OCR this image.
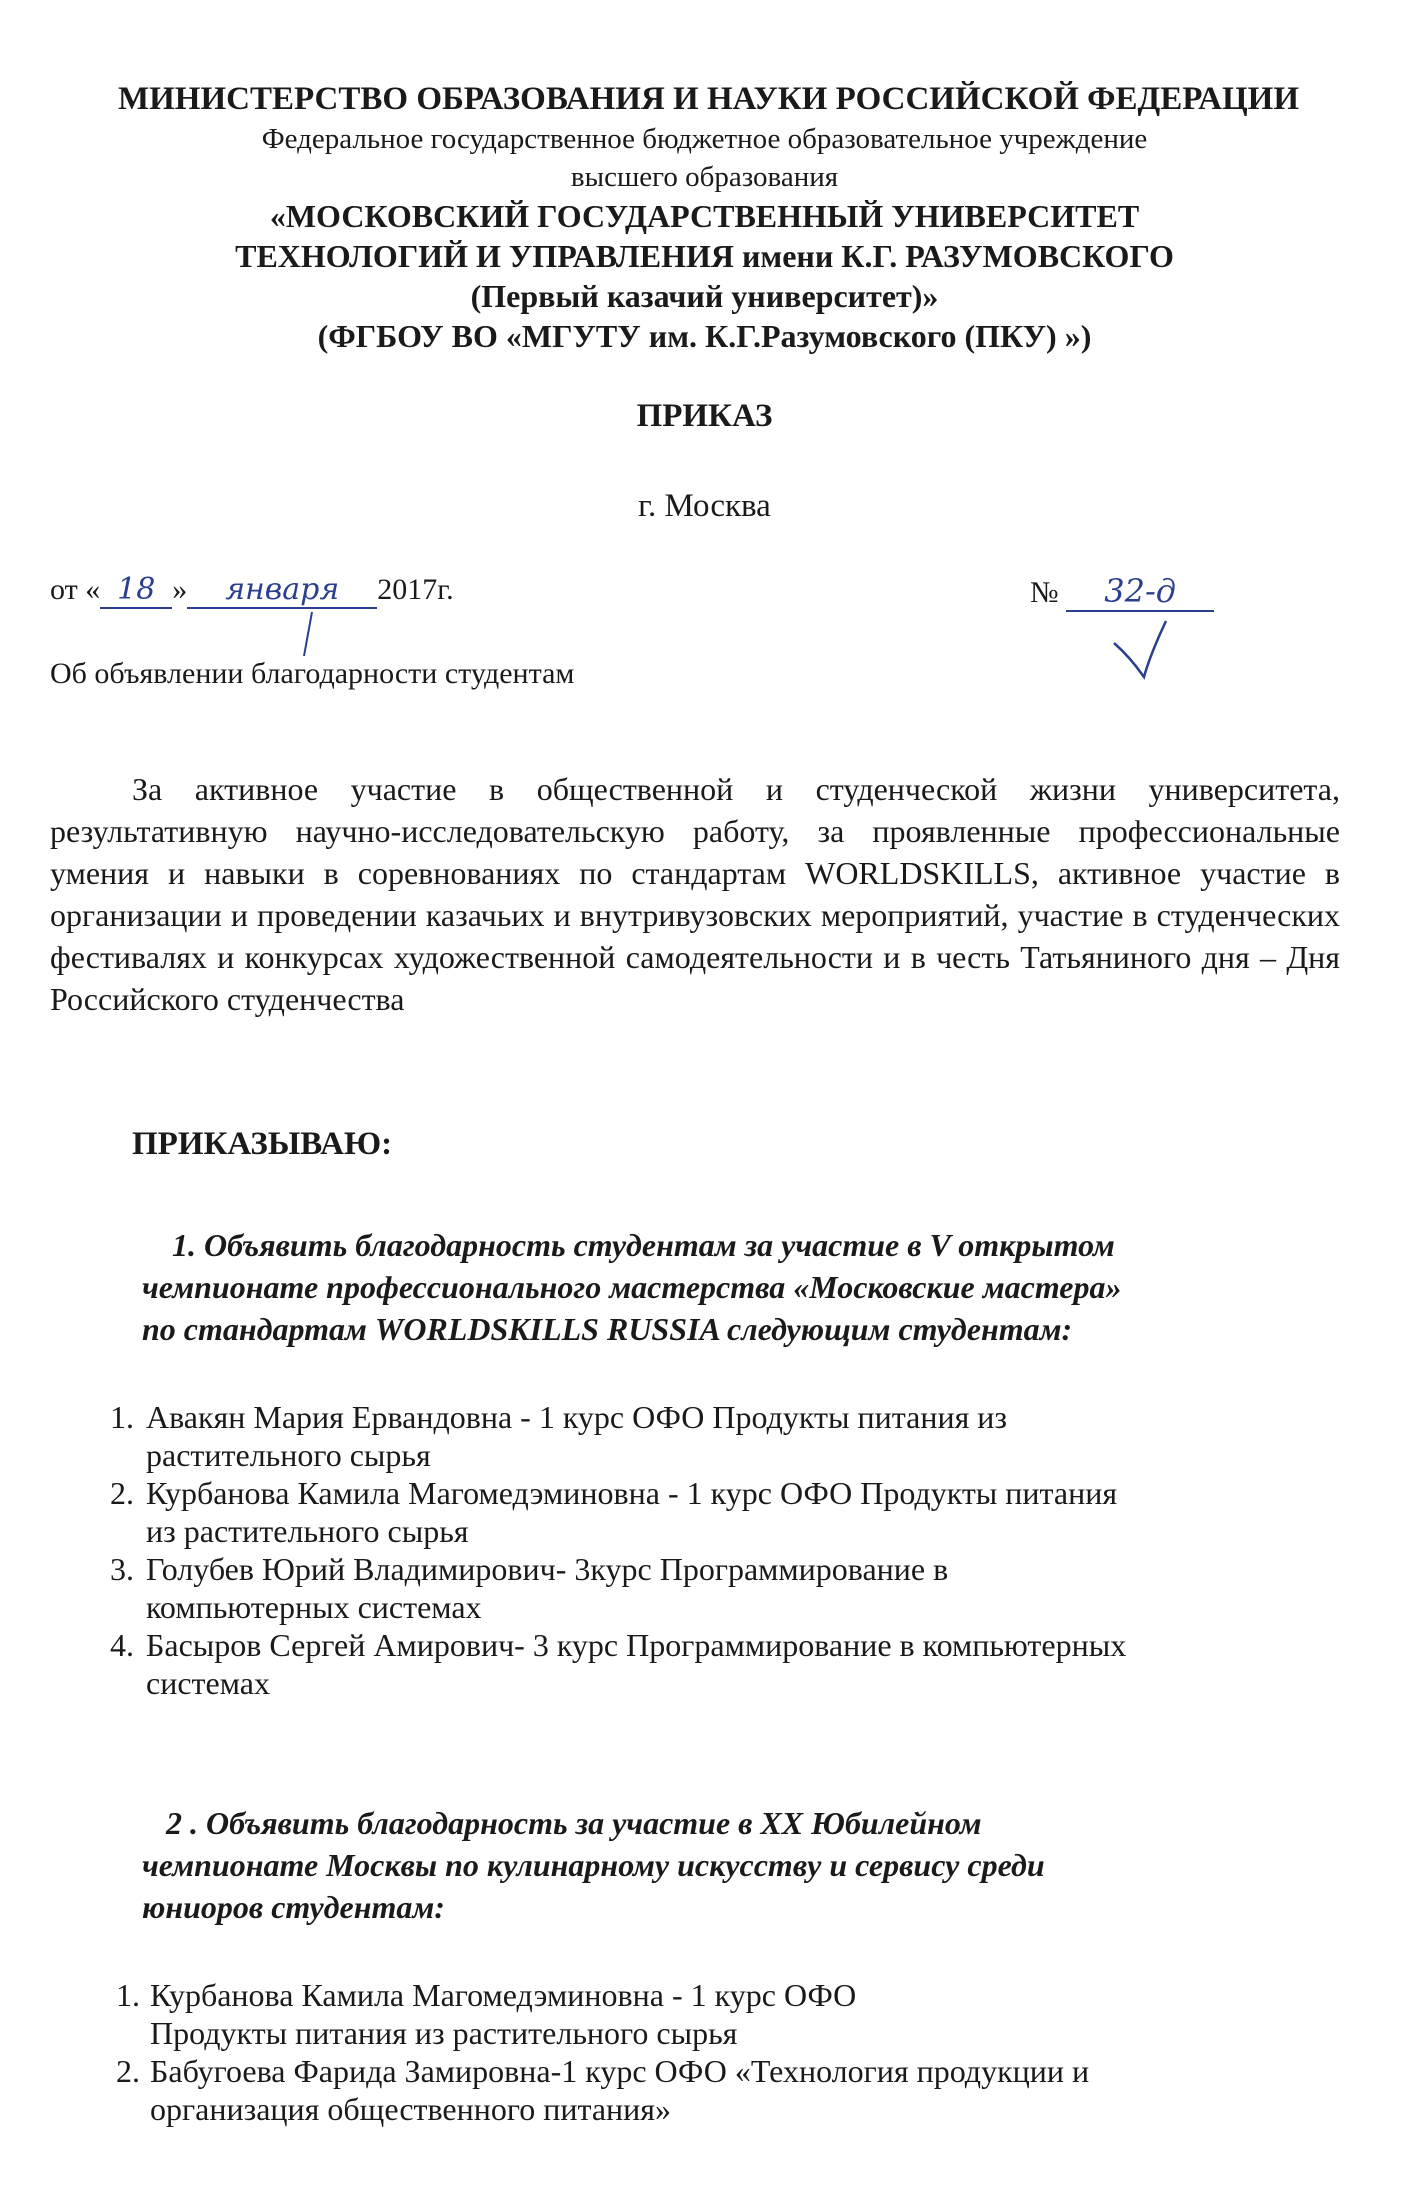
МИНИСТЕРСТВО ОБРАЗОВАНИЯ И НАУКИ РОССИЙСКОЙ ФЕДЕРАЦИИ
Федеральное государственное бюджетное образовательное учреждение
высшего образования
«МОСКОВСКИЙ ГОСУДАРСТВЕННЫЙ УНИВЕРСИТЕТ
ТЕХНОЛОГИЙ И УПРАВЛЕНИЯ имени К.Г. РАЗУМОВСКОГО
(Первый казачий университет)»
(ФГБОУ ВО «МГУТУ им. К.Г.Разумовского (ПКУ) »)
ПРИКАЗ
г. Москва
от « 18 » января 2017г.	№ 32-д
Об объявлении благодарности студентам
За активное участие в общественной и студенческой жизни университета, результативную научно-исследовательскую работу, за проявленные профессиональные умения и навыки в соревнованиях по стандартам WORLDSKILLS, активное участие в организации и проведении казачьих и внутривузовских мероприятий, участие в студенческих фестивалях и конкурсах художественной самодеятельности и в честь Татьяниного дня – Дня Российского студенчества
ПРИКАЗЫВАЮ:
1. Объявить благодарность студентам за участие в V открытом
чемпионате профессионального мастерства «Московские мастера»
по стандартам WORLDSKILLS RUSSIA следующим студентам:
1. Авакян Мария Ервандовна - 1 курс ОФО Продукты питания из
растительного сырья
2. Курбанова Камила Магомедэминовна - 1 курс ОФО Продукты питания
из растительного сырья
3. Голубев Юрий Владимирович- 3курс Программирование в
компьютерных системах
4. Басыров Сергей Амирович- 3 курс Программирование в компьютерных
системах
2 . Объявить благодарность за участие в XX Юбилейном
чемпионате Москвы по кулинарному искусству и сервису среди
юниоров студентам:
1. Курбанова Камила Магомедэминовна - 1 курс ОФО
Продукты питания из растительного сырья
2. Бабугоева Фарида Замировна-1 курс ОФО «Технология продукции и
организация общественного питания»
